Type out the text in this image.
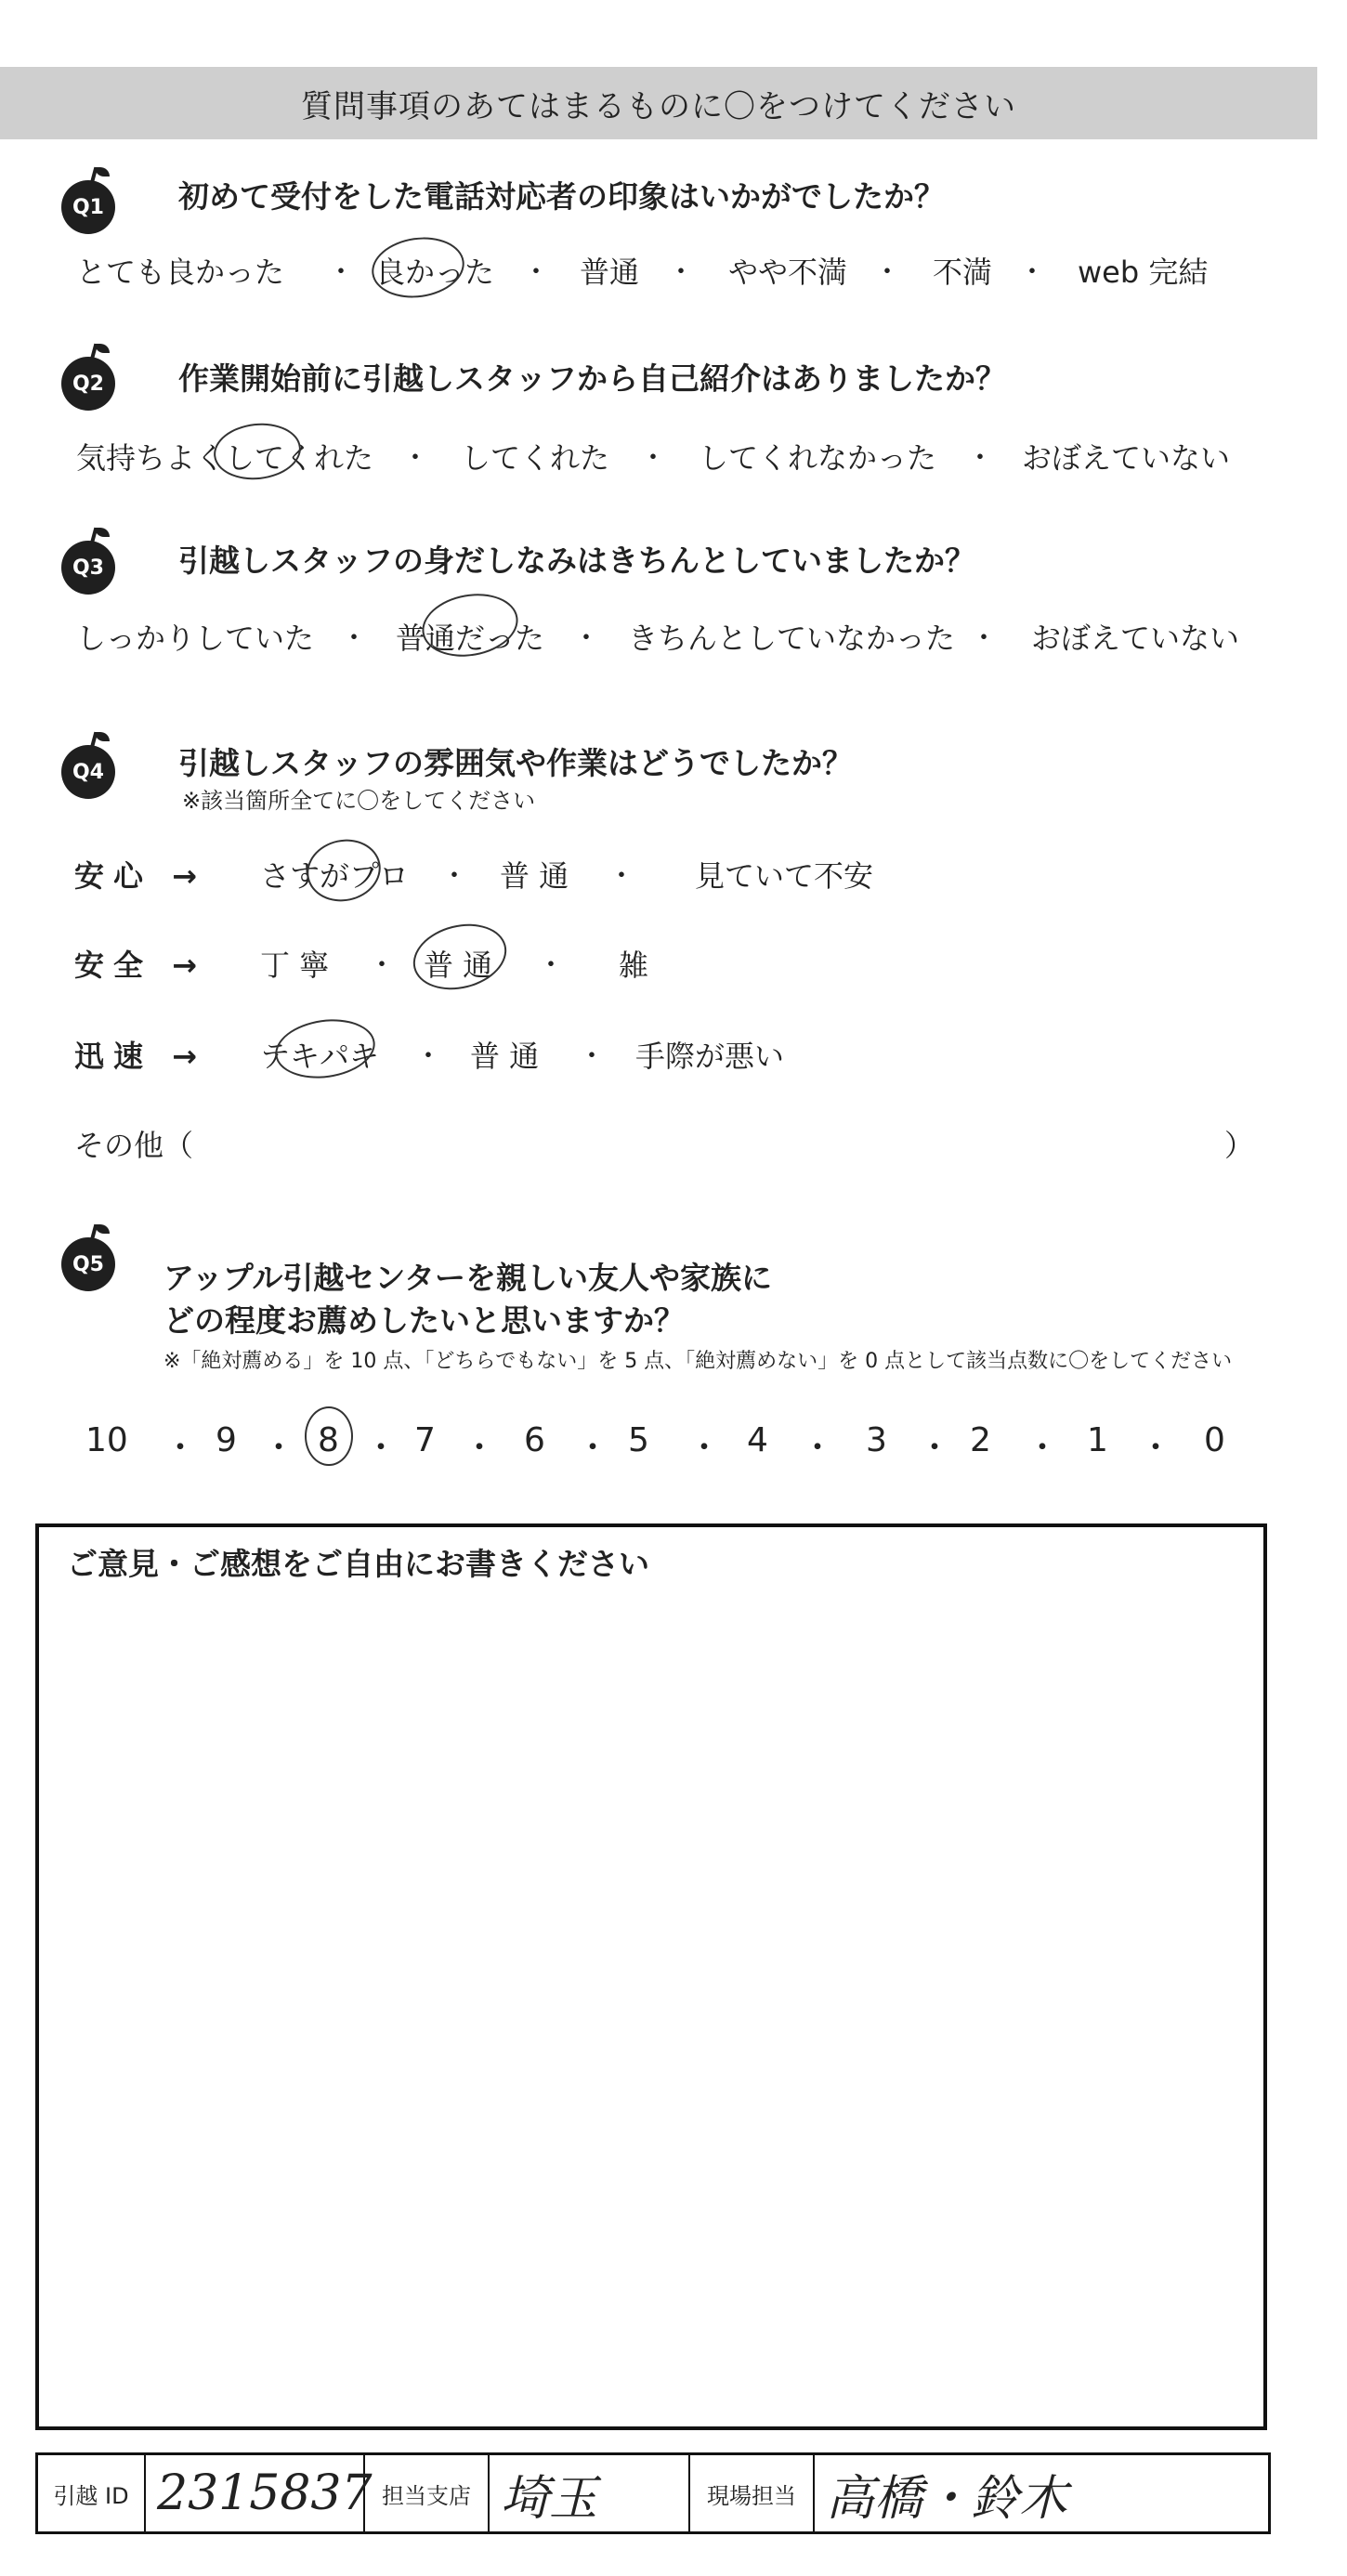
質問事項のあてはまるものに〇をつけてください
Q1	初めて受付をした電話対応者の印象はいかがでしたか？
とても良かった ・ 良かった ・ 普通 ・ やや不満 ・ 不満 ・ web 完結
Q2	作業開始前に引越しスタッフから自己紹介はありましたか？
気持ちよくしてくれた ・ してくれた ・ してくれなかった ・ おぼえていない
Q3	引越しスタッフの身だしなみはきちんとしていましたか？
しっかりしていた ・ 普通だった ・ きちんとしていなかった ・ おぼえていない
Q4	引越しスタッフの雰囲気や作業はどうでしたか？
※該当箇所全てに〇をしてください
安心 → さすがプロ ・ 普 通 ・ 見ていて不安
安全 → 丁 寧 ・ 普 通 ・ 雑
迅速 → テキパキ ・ 普 通 ・ 手際が悪い
その他（	）
Q5	アップル引越センターを親しい友人や家族に
どの程度お薦めしたいと思いますか？
※「絶対薦める」を 10 点、「どちらでもない」を 5 点、「絶対薦めない」を 0 点として該当点数に〇をしてください
10 ・ 9 ・ 8 ・ 7 ・ 6 ・ 5 ・ 4 ・ 3 ・ 2 ・ 1 ・ 0
ご意見・ご感想をご自由にお書きください
引越 ID 2315837 担当支店 埼玉	現場担当 高橋・鈴木
